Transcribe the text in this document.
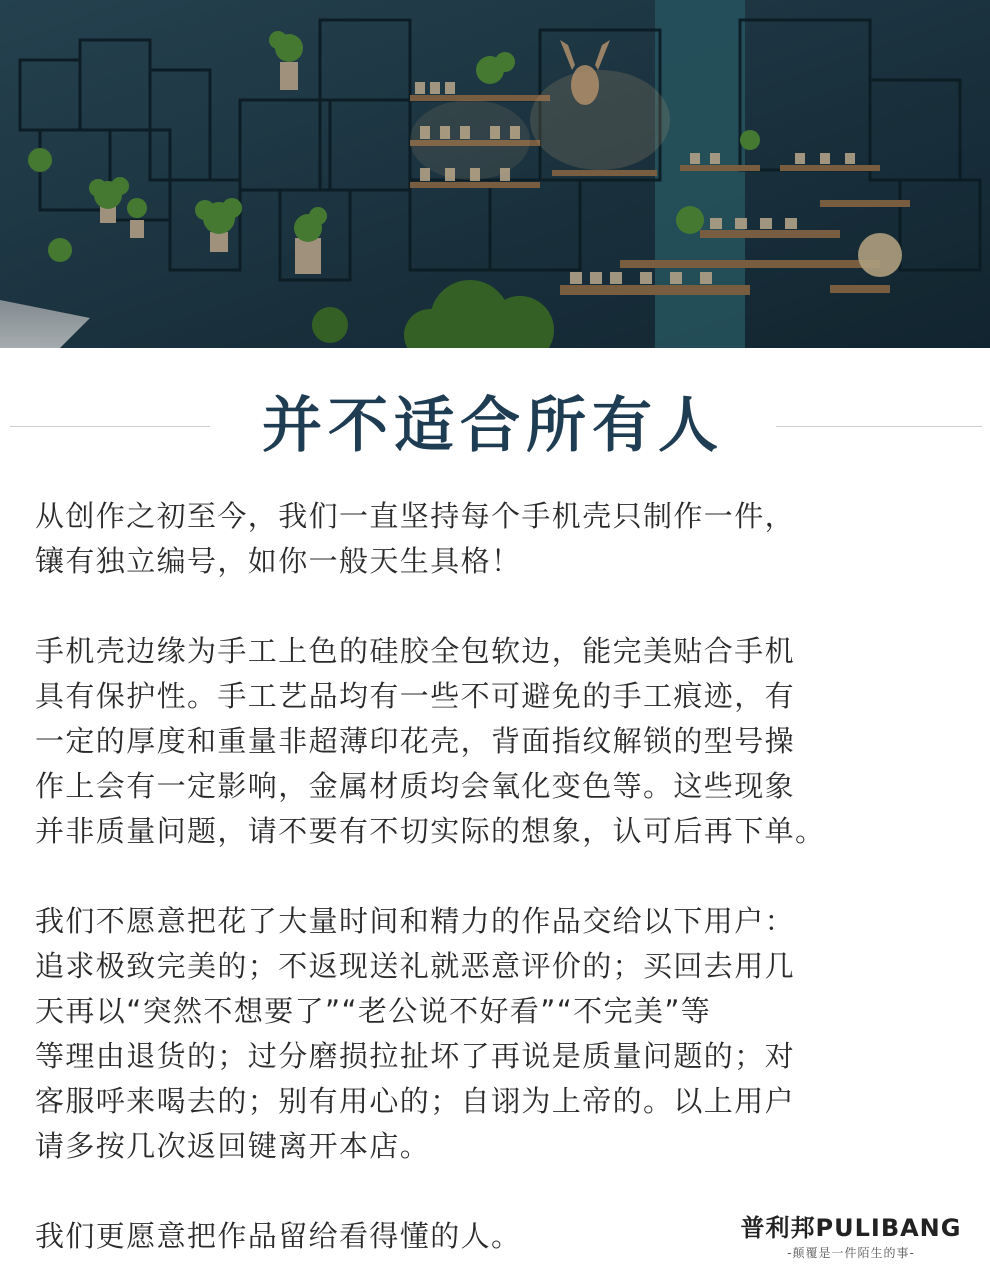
并不适合所有人

从创作之初至今，我们一直坚持每个手机壳只制作一件，
镶有独立编号，如你一般天生具格！

手机壳边缘为手工上色的硅胶全包软边，能完美贴合手机
具有保护性。手工艺品均有一些不可避免的手工痕迹，有
一定的厚度和重量非超薄印花壳，背面指纹解锁的型号操
作上会有一定影响，金属材质均会氧化变色等。这些现象
并非质量问题，请不要有不切实际的想象，认可后再下单。

我们不愿意把花了大量时间和精力的作品交给以下用户：
追求极致完美的；不返现送礼就恶意评价的；买回去用几
天再以“突然不想要了”“老公说不好看”“不完美”等
等理由退货的；过分磨损拉扯坏了再说是质量问题的；对
客服呼来喝去的；别有用心的；自诩为上帝的。以上用户
请多按几次返回键离开本店。

我们更愿意把作品留给看得懂的人。	普利邦PULIBANG
-颠覆是一件陌生的事-
